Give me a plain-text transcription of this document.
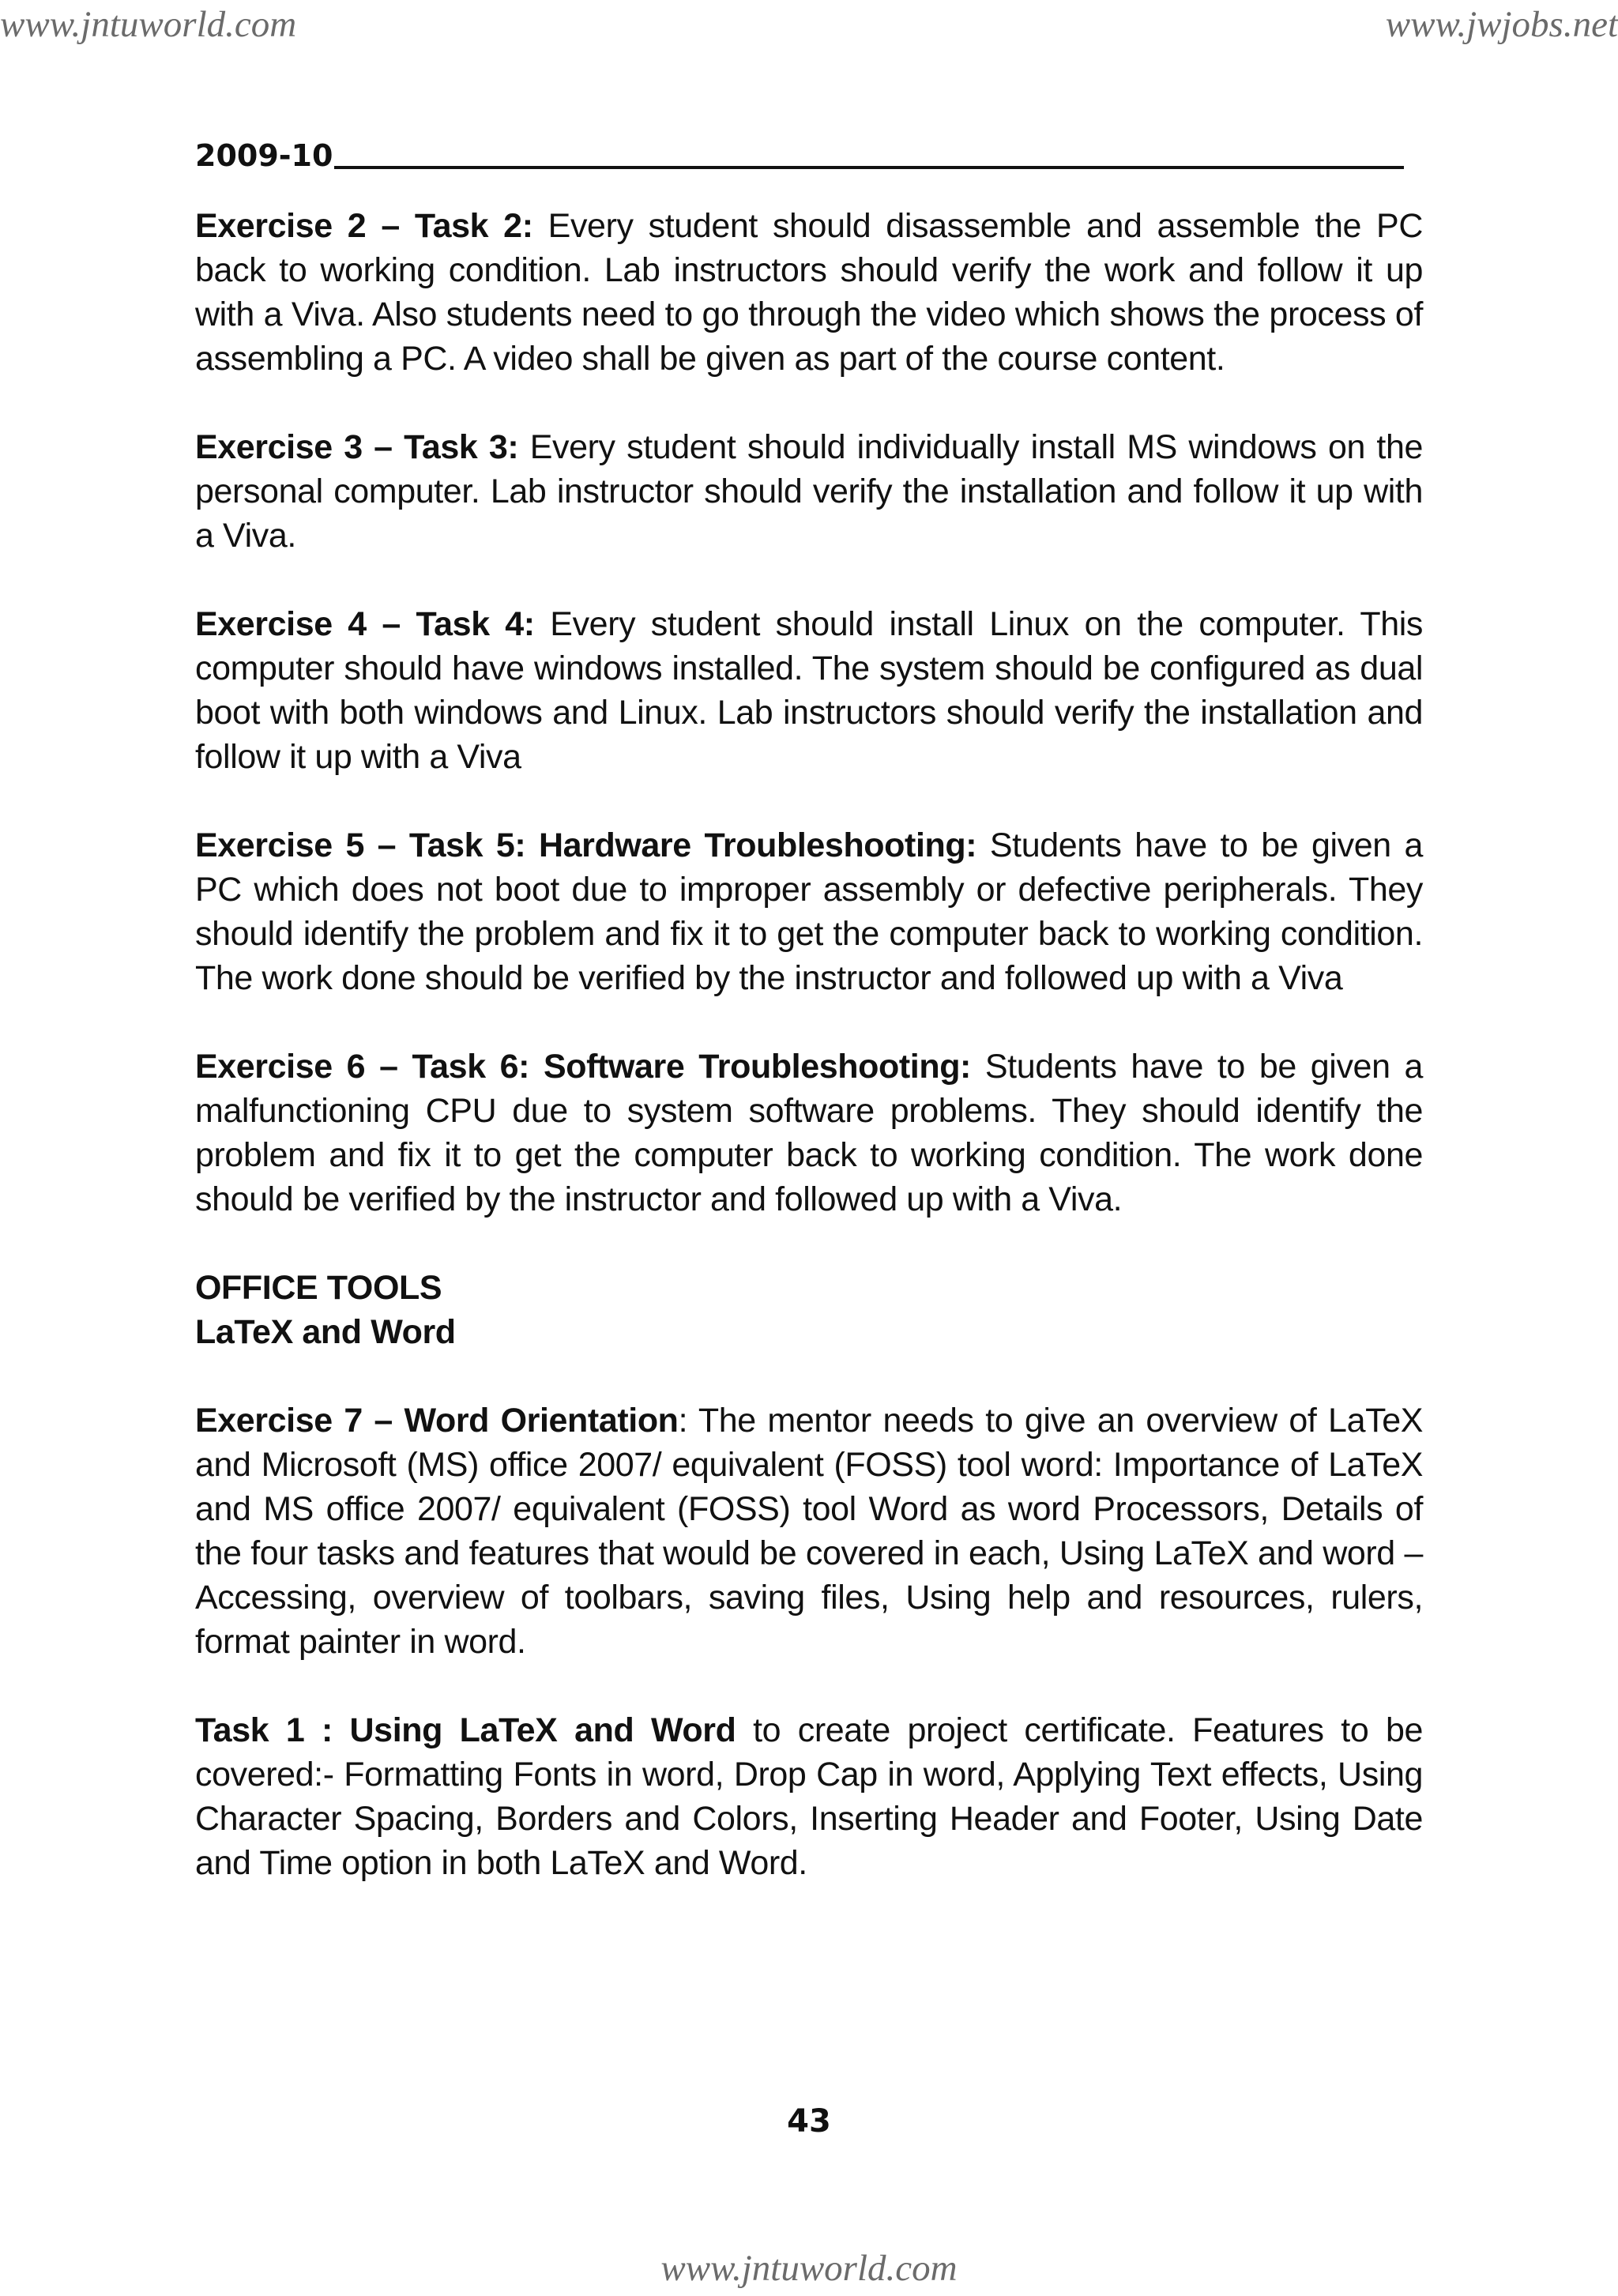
www.jntuworld.com	www.jwjobs.net
2009-10

Exercise 2 – Task 2: Every student should disassemble and assemble the PC back to working condition. Lab instructors should verify the work and follow it up with a Viva. Also students need to go through the video which shows the process of assembling a PC. A video shall be given as part of the course content.

Exercise 3 – Task 3: Every student should individually install MS windows on the personal computer. Lab instructor should verify the installation and follow it up with a Viva.

Exercise 4 – Task 4: Every student should install Linux on the computer. This computer should have windows installed. The system should be configured as dual boot with both windows and Linux. Lab instructors should verify the installation and follow it up with a Viva

Exercise 5 – Task 5: Hardware Troubleshooting: Students have to be given a PC which does not boot due to improper assembly or defective peripherals. They should identify the problem and fix it to get the computer back to working condition. The work done should be verified by the instructor and followed up with a Viva

Exercise 6 – Task 6: Software Troubleshooting: Students have to be given a malfunctioning CPU due to system software problems. They should identify the problem and fix it to get the computer back to working condition. The work done should be verified by the instructor and followed up with a Viva.

OFFICE TOOLS

LaTeX and Word

Exercise 7 – Word Orientation: The mentor needs to give an overview of LaTeX and Microsoft (MS) office 2007/ equivalent (FOSS) tool word: Importance of LaTeX and MS office 2007/ equivalent (FOSS) tool Word as word Processors, Details of the four tasks and features that would be covered in each, Using LaTeX and word – Accessing, overview of toolbars, saving files, Using help and resources, rulers, format painter in word.

Task 1 : Using LaTeX and Word to create project certificate. Features to be covered:- Formatting Fonts in word, Drop Cap in word, Applying Text effects, Using Character Spacing, Borders and Colors, Inserting Header and Footer, Using Date and Time option in both LaTeX and Word.

43
www.jntuworld.com
